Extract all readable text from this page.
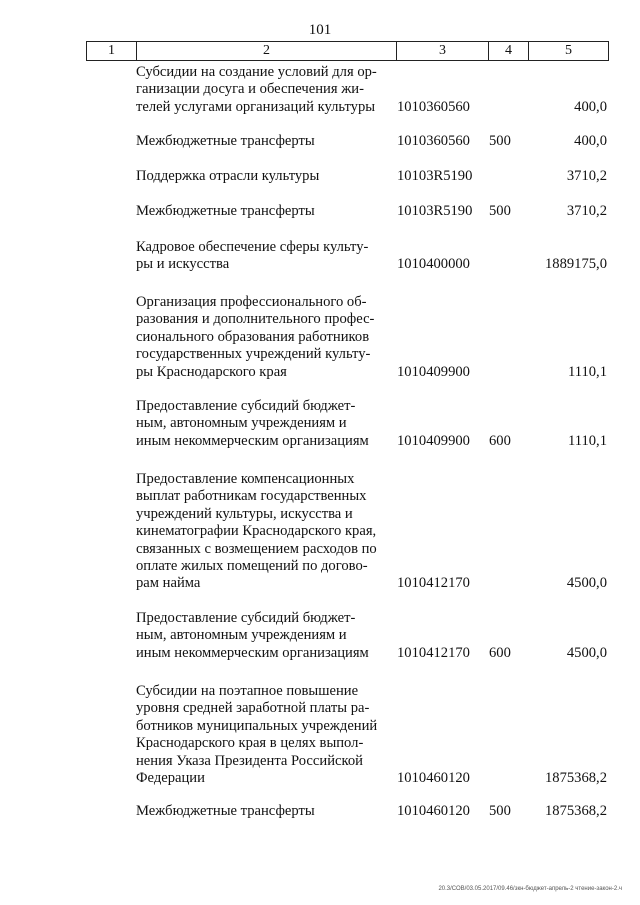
101
1	2	3	4	5
Субсидии на создание условий для ор-
ганизации досуга и обеспечения жи-
телей услугами организаций культуры	1010360560	400,0
Межбюджетные трансферты	1010360560 500	400,0
Поддержка отрасли культуры	10103R5190	3710,2
Межбюджетные трансферты	10103R5190 500	3710,2
Кадровое обеспечение сферы культу-
ры и искусства	1010400000	1889175,0
Организация профессионального об-
разования и дополнительного профес-
сионального образования работников
государственных учреждений культу-
ры Краснодарского края	1010409900	1110,1
Предоставление субсидий бюджет-
ным, автономным учреждениям и
иным некоммерческим организациям	1010409900 600	1110,1
Предоставление компенсационных
выплат работникам государственных
учреждений культуры, искусства и
кинематографии Краснодарского края,
связанных с возмещением расходов по
оплате жилых помещений по догово-
рам найма	1010412170	4500,0
Предоставление субсидий бюджет-
ным, автономным учреждениям и
иным некоммерческим организациям	1010412170 600	4500,0
Субсидии на поэтапное повышение
уровня средней заработной платы ра-
ботников муниципальных учреждений
Краснодарского края в целях выпол-
нения Указа Президента Российской
Федерации	1010460120	1875368,2
Межбюджетные трансферты	1010460120 500 1875368,2
20.3/СОВ/03.05.2017/09.46/зкн-бюджет-апрель-2 чтение-закон-2.ч
